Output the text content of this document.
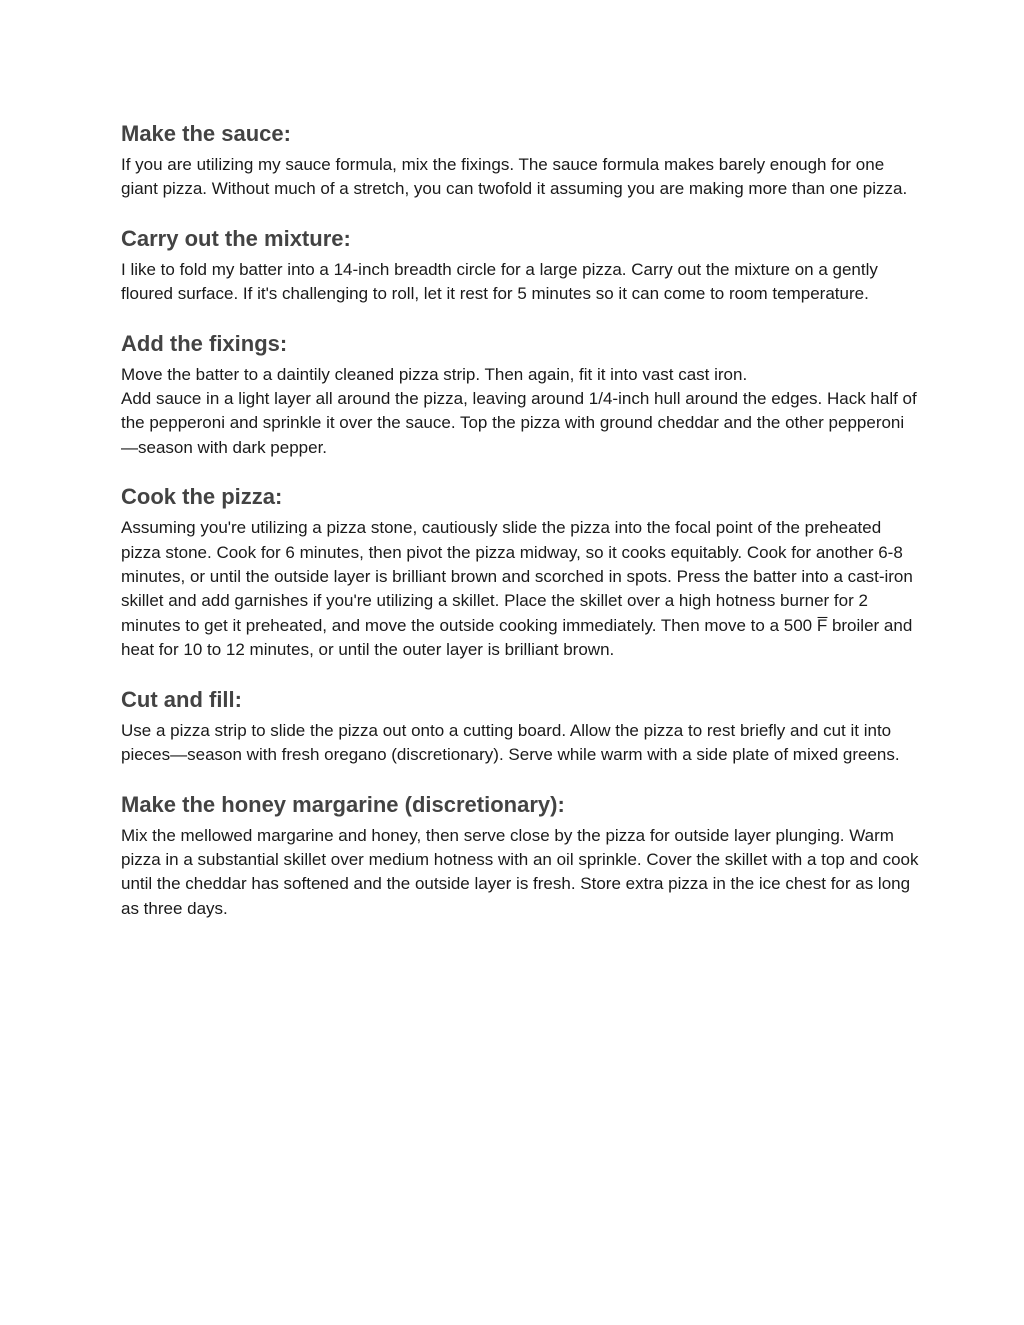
Make the sauce:

If you are utilizing my sauce formula, mix the fixings. The sauce formula makes barely enough for one giant pizza. Without much of a stretch, you can twofold it assuming you are making more than one pizza.

Carry out the mixture:

I like to fold my batter into a 14-inch breadth circle for a large pizza. Carry out the mixture on a gently floured surface. If it's challenging to roll, let it rest for 5 minutes so it can come to room temperature.

Add the fixings:

Move the batter to a daintily cleaned pizza strip. Then again, fit it into vast cast iron.

Add sauce in a light layer all around the pizza, leaving around 1/4-inch hull around the edges. Hack half of the pepperoni and sprinkle it over the sauce. Top the pizza with ground cheddar and the other pepperoni—season with dark pepper.

Cook the pizza:

Assuming you're utilizing a pizza stone, cautiously slide the pizza into the focal point of the preheated pizza stone. Cook for 6 minutes, then pivot the pizza midway, so it cooks equitably. Cook for another 6-8 minutes, or until the outside layer is brilliant brown and scorched in spots. Press the batter into a cast-iron skillet and add garnishes if you're utilizing a skillet. Place the skillet over a high hotness burner for 2 minutes to get it preheated, and move the outside cooking immediately. Then move to a 500 F̅ broiler and heat for 10 to 12 minutes, or until the outer layer is brilliant brown.

Cut and fill:

Use a pizza strip to slide the pizza out onto a cutting board. Allow the pizza to rest briefly and cut it into pieces—season with fresh oregano (discretionary). Serve while warm with a side plate of mixed greens.

Make the honey margarine (discretionary):

Mix the mellowed margarine and honey, then serve close by the pizza for outside layer plunging. Warm pizza in a substantial skillet over medium hotness with an oil sprinkle. Cover the skillet with a top and cook until the cheddar has softened and the outside layer is fresh. Store extra pizza in the ice chest for as long as three days.
